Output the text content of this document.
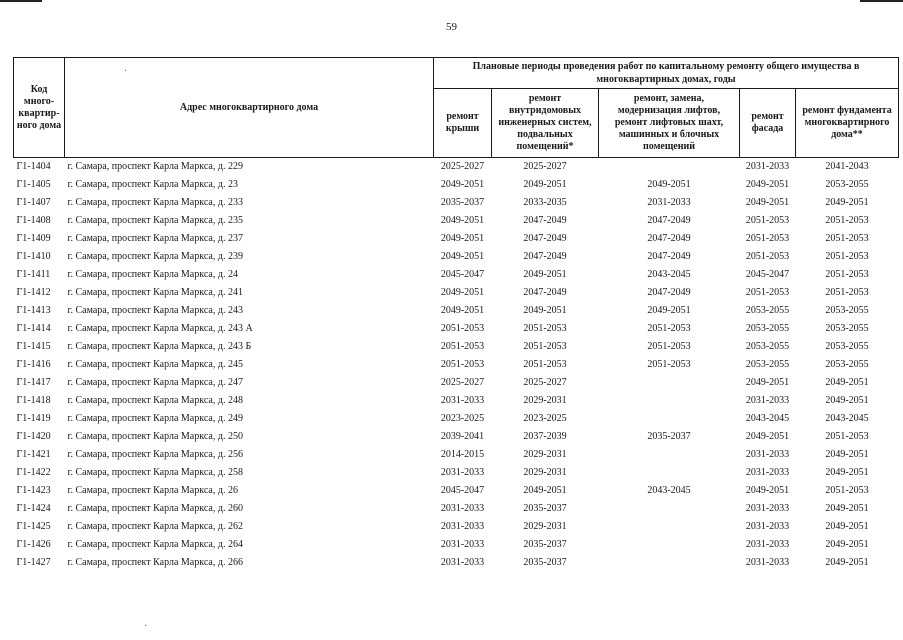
59
Код много-квартир-ного дома	Адрес многоквартирного дома	Плановые периоды проведения работ по капитальному ремонту общего имущества в многоквартирных домах, годы				
		ремонт крыши	ремонт внутридомовых инженерных систем, подвальных помещений*	ремонт, замена, модернизация лифтов, ремонт лифтовых шахт, машинных и блочных помещений	ремонт фасада	ремонт фундамента многоквартирного дома**
Г1-1404	г. Самара, проспект Карла Маркса, д. 229	2025-2027	2025-2027		2031-2033	2041-2043
Г1-1405	г. Самара, проспект Карла Маркса, д. 23	2049-2051	2049-2051	2049-2051	2049-2051	2053-2055
Г1-1407	г. Самара, проспект Карла Маркса, д. 233	2035-2037	2033-2035	2031-2033	2049-2051	2049-2051
Г1-1408	г. Самара, проспект Карла Маркса, д. 235	2049-2051	2047-2049	2047-2049	2051-2053	2051-2053
Г1-1409	г. Самара, проспект Карла Маркса, д. 237	2049-2051	2047-2049	2047-2049	2051-2053	2051-2053
Г1-1410	г. Самара, проспект Карла Маркса, д. 239	2049-2051	2047-2049	2047-2049	2051-2053	2051-2053
Г1-1411	г. Самара, проспект Карла Маркса, д. 24	2045-2047	2049-2051	2043-2045	2045-2047	2051-2053
Г1-1412	г. Самара, проспект Карла Маркса, д. 241	2049-2051	2047-2049	2047-2049	2051-2053	2051-2053
Г1-1413	г. Самара, проспект Карла Маркса, д. 243	2049-2051	2049-2051	2049-2051	2053-2055	2053-2055
Г1-1414	г. Самара, проспект Карла Маркса, д. 243 А	2051-2053	2051-2053	2051-2053	2053-2055	2053-2055
Г1-1415	г. Самара, проспект Карла Маркса, д. 243 Б	2051-2053	2051-2053	2051-2053	2053-2055	2053-2055
Г1-1416	г. Самара, проспект Карла Маркса, д. 245	2051-2053	2051-2053	2051-2053	2053-2055	2053-2055
Г1-1417	г. Самара, проспект Карла Маркса, д. 247	2025-2027	2025-2027		2049-2051	2049-2051
Г1-1418	г. Самара, проспект Карла Маркса, д. 248	2031-2033	2029-2031		2031-2033	2049-2051
Г1-1419	г. Самара, проспект Карла Маркса, д. 249	2023-2025	2023-2025		2043-2045	2043-2045
Г1-1420	г. Самара, проспект Карла Маркса, д. 250	2039-2041	2037-2039	2035-2037	2049-2051	2051-2053
Г1-1421	г. Самара, проспект Карла Маркса, д. 256	2014-2015	2029-2031		2031-2033	2049-2051
Г1-1422	г. Самара, проспект Карла Маркса, д. 258	2031-2033	2029-2031		2031-2033	2049-2051
Г1-1423	г. Самара, проспект Карла Маркса, д. 26	2045-2047	2049-2051	2043-2045	2049-2051	2051-2053
Г1-1424	г. Самара, проспект Карла Маркса, д. 260	2031-2033	2035-2037		2031-2033	2049-2051
Г1-1425	г. Самара, проспект Карла Маркса, д. 262	2031-2033	2029-2031		2031-2033	2049-2051
Г1-1426	г. Самара, проспект Карла Маркса, д. 264	2031-2033	2035-2037		2031-2033	2049-2051
Г1-1427	г. Самара, проспект Карла Маркса, д. 266	2031-2033	2035-2037		2031-2033	2049-2051
·
·
